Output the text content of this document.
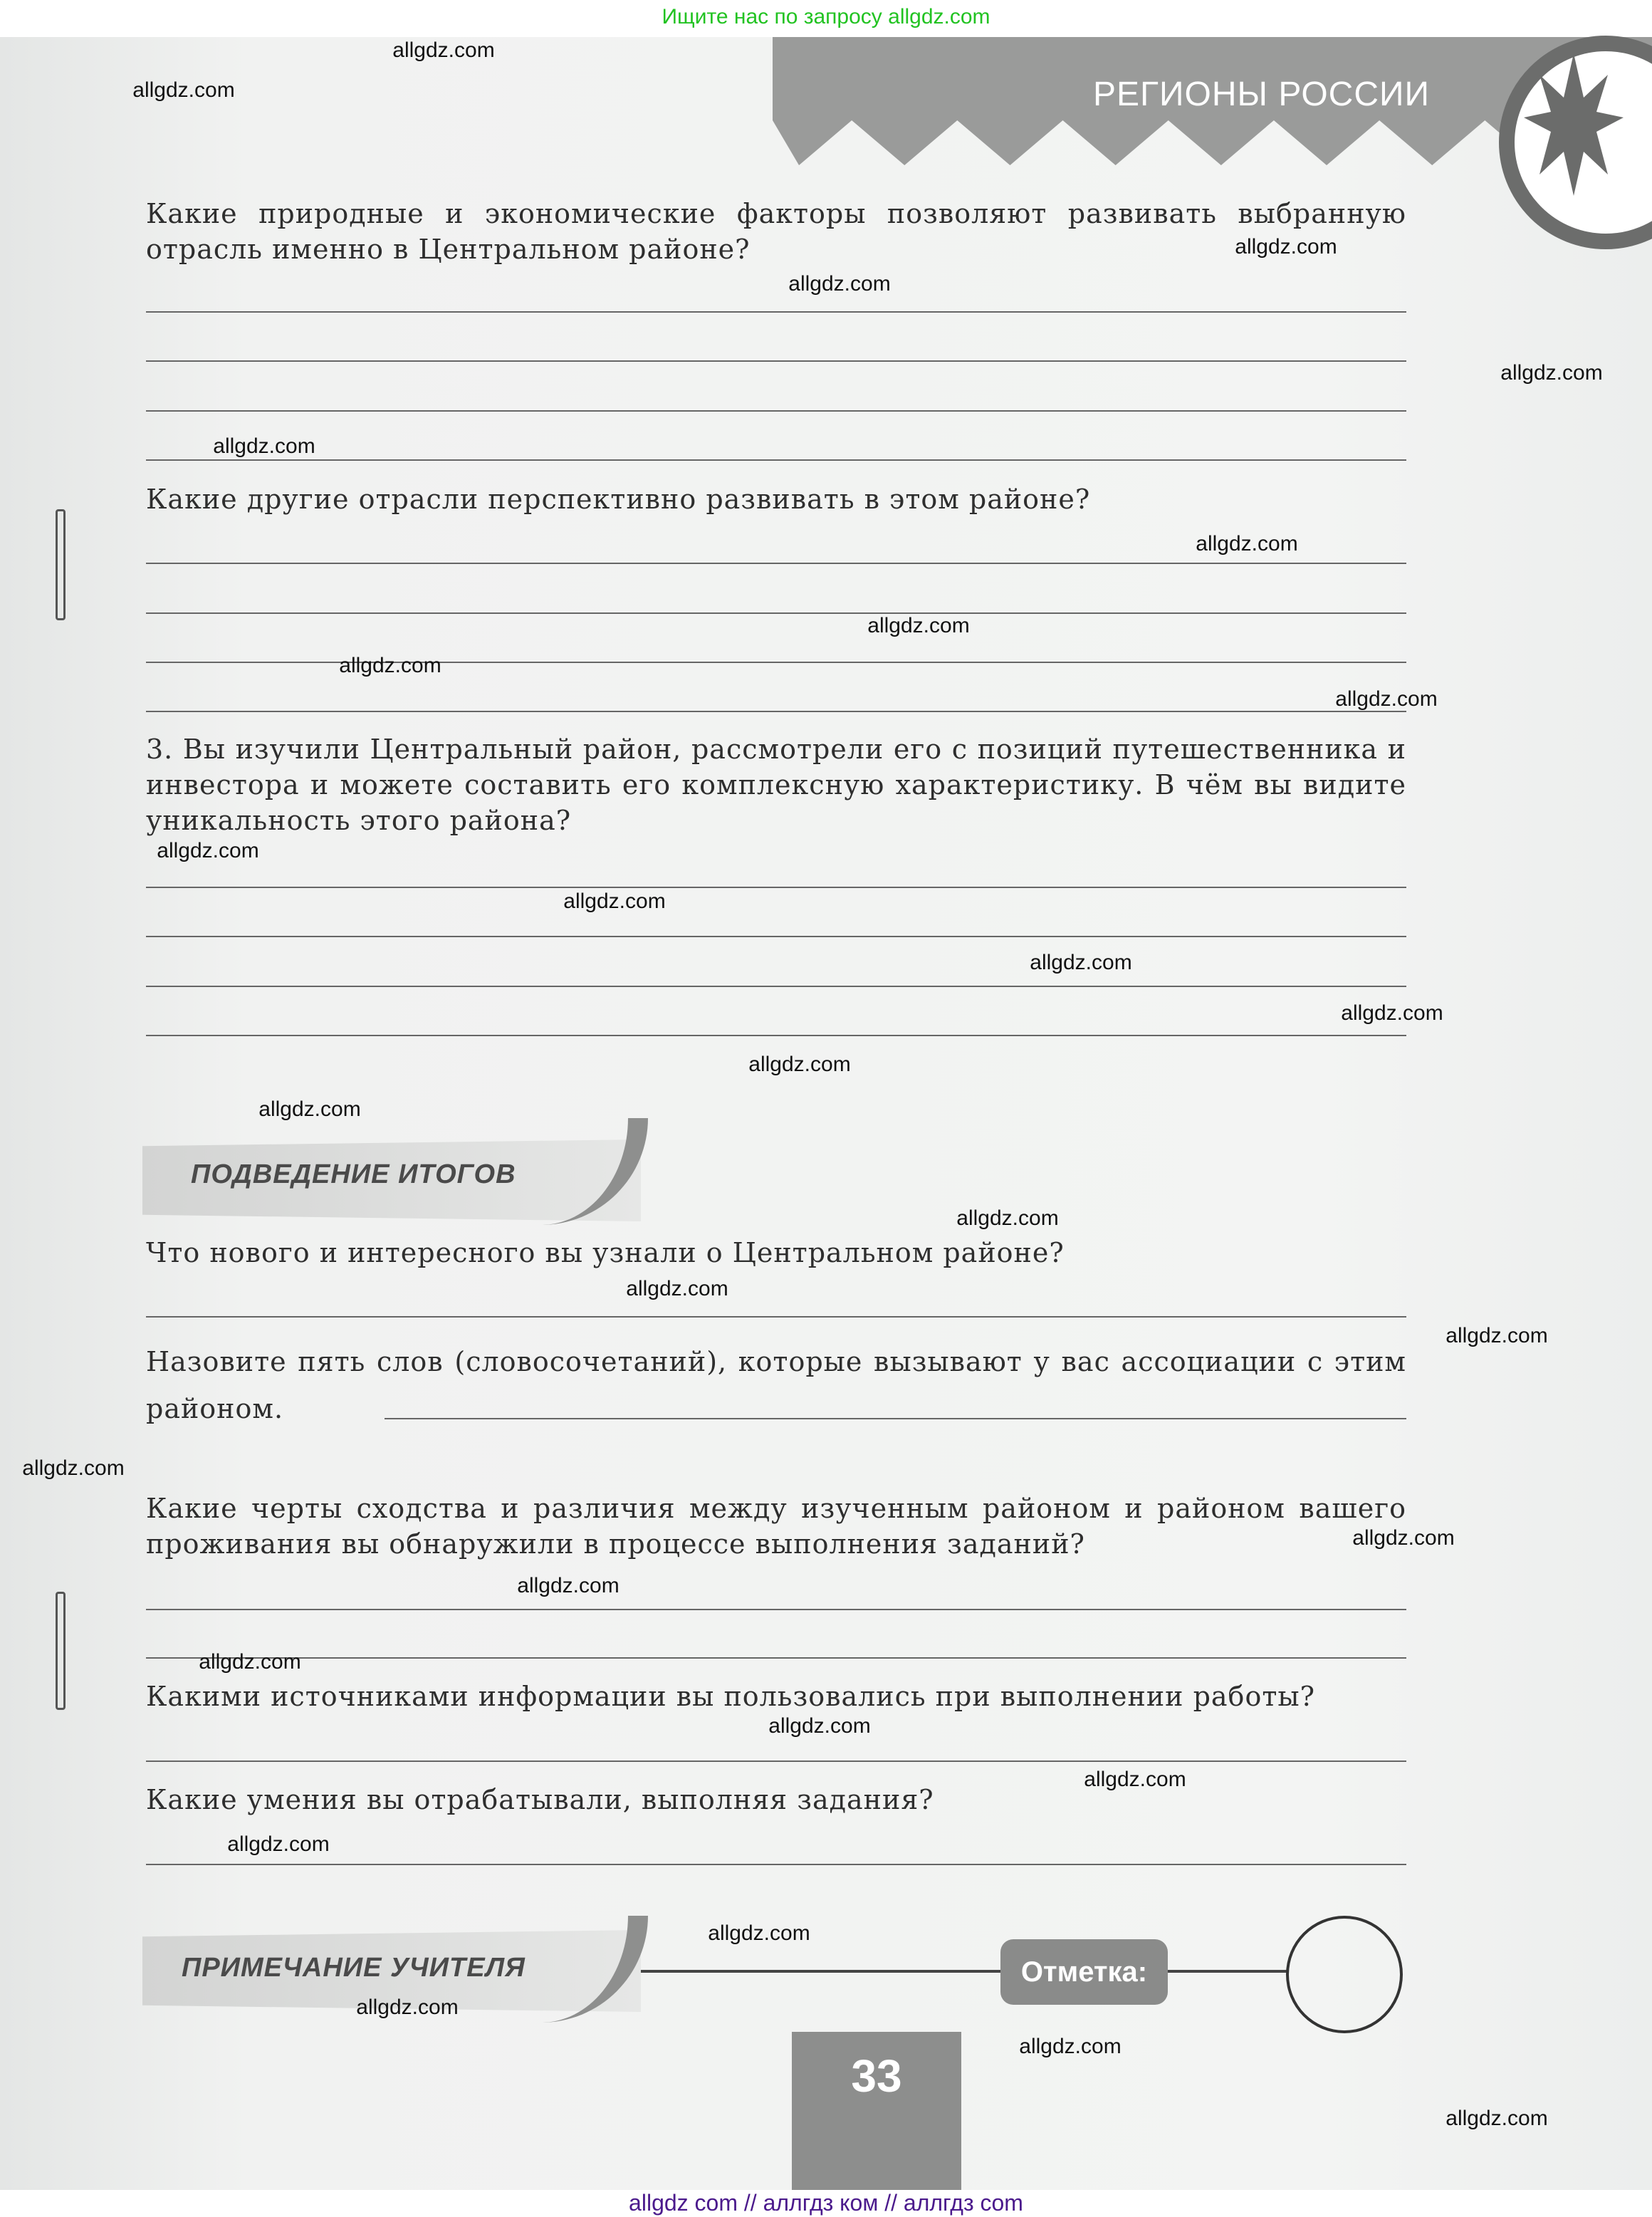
Ищите нас по запросу allgdz.com
РЕГИОНЫ РОССИИ
Какие природные и экономические факторы позволяют развивать выбранную отрасль именно в Центральном районе?
Какие другие отрасли перспективно развивать в этом районе?
3. Вы изучили Центральный район, рассмотрели его с позиций путешественника и инвестора и можете составить его комплексную характеристику. В чём вы видите уникальность этого района?
ПОДВЕДЕНИЕ ИТОГОВ
Что нового и интересного вы узнали о Центральном районе?
Назовите пять слов (словосочетаний), которые вызывают у вас ассоциации с этим районом.
Какие черты сходства и различия между изученным районом и районом вашего проживания вы обнаружили в процессе выполнения заданий?
Какими источниками информации вы пользовались при выполнении работы?
Какие умения вы отрабатывали, выполняя задания?
ПРИМЕЧАНИЕ УЧИТЕЛЯ	Отметка:
33
allgdz com // аллгдз ком // аллгдз com
allgdz.com
allgdz.com
allgdz.com
allgdz.com
allgdz.com
allgdz.com
allgdz.com
allgdz.com
allgdz.com
allgdz.com
allgdz.com
allgdz.com
allgdz.com
allgdz.com
allgdz.com
allgdz.com
allgdz.com
allgdz.com
allgdz.com
allgdz.com
allgdz.com
allgdz.com
allgdz.com
allgdz.com
allgdz.com
allgdz.com
allgdz.com
allgdz.com
allgdz.com
allgdz.com
